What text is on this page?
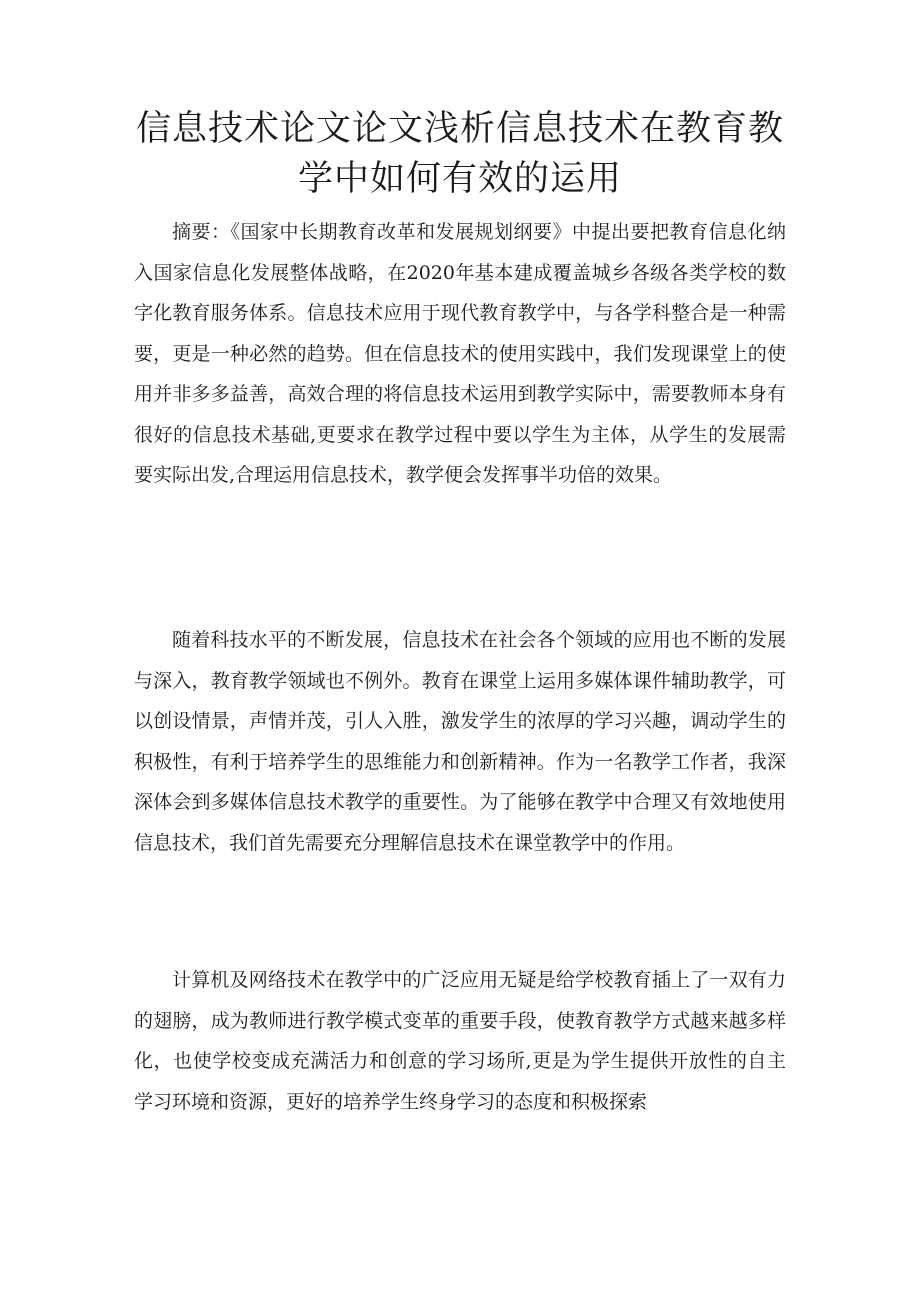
信息技术论文论文浅析信息技术在教育教
学中如何有效的运用

摘要：《国家中长期教育改革和发展规划纲要》中提出要把教育信息化纳入国家信息化发展整体战略，在2020年基本建成覆盖城乡各级各类学校的数字化教育服务体系。信息技术应用于现代教育教学中，与各学科整合是一种需要，更是一种必然的趋势。但在信息技术的使用实践中，我们发现课堂上的使用并非多多益善，高效合理的将信息技术运用到教学实际中，需要教师本身有很好的信息技术基础,更要求在教学过程中要以学生为主体，从学生的发展需要实际出发,合理运用信息技术，教学便会发挥事半功倍的效果。

随着科技水平的不断发展，信息技术在社会各个领域的应用也不断的发展与深入，教育教学领域也不例外。教育在课堂上运用多媒体课件辅助教学，可以创设情景，声情并茂，引人入胜，激发学生的浓厚的学习兴趣，调动学生的积极性，有利于培养学生的思维能力和创新精神。作为一名教学工作者，我深深体会到多媒体信息技术教学的重要性。为了能够在教学中合理又有效地使用信息技术，我们首先需要充分理解信息技术在课堂教学中的作用。

计算机及网络技术在教学中的广泛应用无疑是给学校教育插上了一双有力的翅膀，成为教师进行教学模式变革的重要手段，使教育教学方式越来越多样化，也使学校变成充满活力和创意的学习场所,更是为学生提供开放性的自主学习环境和资源，更好的培养学生终身学习的态度和积极探索
